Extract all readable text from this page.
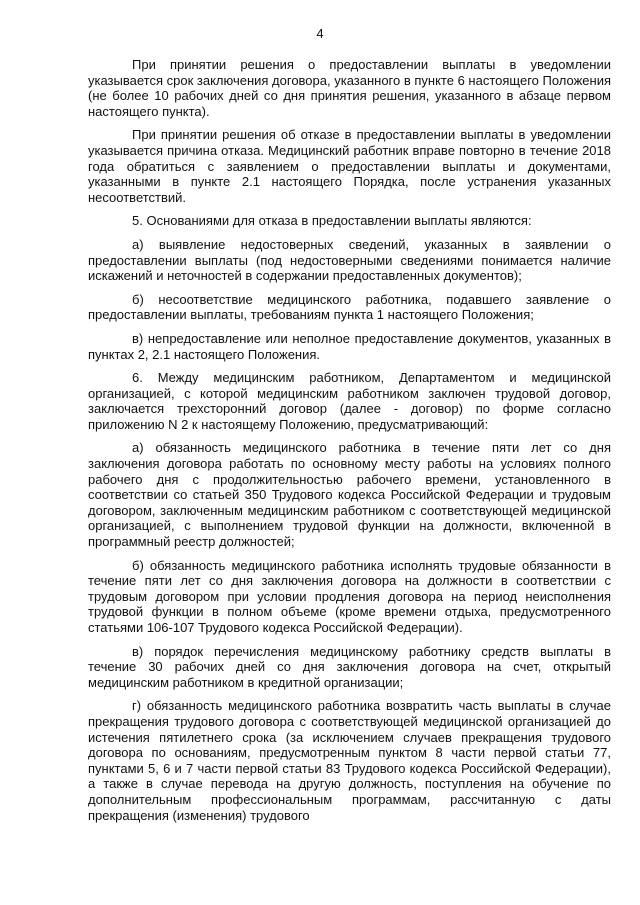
4

При принятии решения о предоставлении выплаты в уведомлении указывается срок заключения договора, указанного в пункте 6 настоящего Положения (не более 10 рабочих дней со дня принятия решения, указанного в абзаце первом настоящего пункта).

При принятии решения об отказе в предоставлении выплаты в уведомлении указывается причина отказа. Медицинский работник вправе повторно в течение 2018 года обратиться с заявлением о предоставлении выплаты и документами, указанными в пункте 2.1 настоящего Порядка, после устранения указанных несоответствий.

5. Основаниями для отказа в предоставлении выплаты являются:

а) выявление недостоверных сведений, указанных в заявлении о предоставлении выплаты (под недостоверными сведениями понимается наличие искажений и неточностей в содержании предоставленных документов);

б) несоответствие медицинского работника, подавшего заявление о предоставлении выплаты, требованиям пункта 1 настоящего Положения;

в) непредоставление или неполное предоставление документов, указанных в пунктах 2, 2.1 настоящего Положения.

6. Между медицинским работником, Департаментом и медицинской организацией, с которой медицинским работником заключен трудовой договор, заключается трехсторонний договор (далее - договор) по форме согласно приложению N 2 к настоящему Положению, предусматривающий:

а) обязанность медицинского работника в течение пяти лет со дня заключения договора работать по основному месту работы на условиях полного рабочего дня с продолжительностью рабочего времени, установленного в соответствии со статьей 350 Трудового кодекса Российской Федерации и трудовым договором, заключенным медицинским работником с соответствующей медицинской организацией, с выполнением трудовой функции на должности, включенной в программный реестр должностей;

б) обязанность медицинского работника исполнять трудовые обязанности в течение пяти лет со дня заключения договора на должности в соответствии с трудовым договором при условии продления договора на период неисполнения трудовой функции в полном объеме (кроме времени отдыха, предусмотренного статьями 106-107 Трудового кодекса Российской Федерации).

в) порядок перечисления медицинскому работнику средств выплаты в течение 30 рабочих дней со дня заключения договора на счет, открытый медицинским работником в кредитной организации;

г) обязанность медицинского работника возвратить часть выплаты в случае прекращения трудового договора с соответствующей медицинской организацией до истечения пятилетнего срока (за исключением случаев прекращения трудового договора по основаниям, предусмотренным пунктом 8 части первой статьи 77, пунктами 5, 6 и 7 части первой статьи 83 Трудового кодекса Российской Федерации), а также в случае перевода на другую должность, поступления на обучение по дополнительным профессиональным программам, рассчитанную с даты прекращения (изменения) трудового
